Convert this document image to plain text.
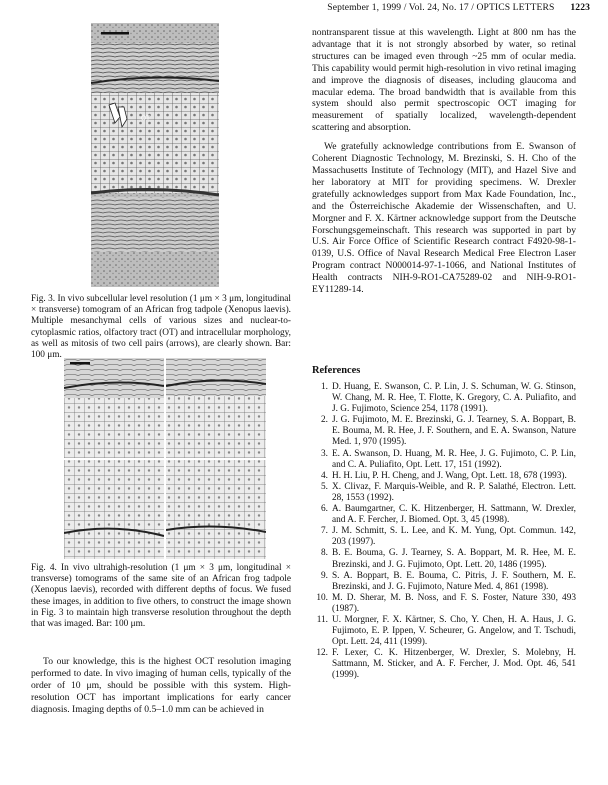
September 1, 1999 / Vol. 24, No. 17 / OPTICS LETTERS 1223
OT
Fig. 3. In vivo subcellular level resolution (1 μm × 3 μm, longitudinal × transverse) tomogram of an African frog tadpole (Xenopus laevis). Multiple mesanchymal cells of various sizes and nuclear-to-cytoplasmic ratios, olfactory tract (OT) and intracellular morphology, as well as mitosis of two cell pairs (arrows), are clearly shown. Bar: 100 μm.
Fig. 4. In vivo ultrahigh-resolution (1 μm × 3 μm, longitudinal × transverse) tomograms of the same site of an African frog tadpole (Xenopus laevis), recorded with different depths of focus. We fused these images, in addition to five others, to construct the image shown in Fig. 3 to maintain high transverse resolution throughout the depth that was imaged. Bar: 100 μm.

To our knowledge, this is the highest OCT resolution imaging performed to date. In vivo imaging of human cells, typically of the order of 10 μm, should be possible with this system. High-resolution OCT has important implications for early cancer diagnosis. Imaging depths of 0.5–1.0 mm can be achieved in

nontransparent tissue at this wavelength. Light at 800 nm has the advantage that it is not strongly absorbed by water, so retinal structures can be imaged even through ~25 mm of ocular media. This capability would permit high-resolution in vivo retinal imaging and improve the diagnosis of diseases, including glaucoma and macular edema. The broad bandwidth that is available from this system should also permit spectroscopic OCT imaging for measurement of spatially localized, wavelength-dependent scattering and absorption.

We gratefully acknowledge contributions from E. Swanson of Coherent Diagnostic Technology, M. Brezinski, S. H. Cho of the Massachusetts Institute of Technology (MIT), and Hazel Sive and her laboratory at MIT for providing specimens. W. Drexler gratefully acknowledges support from Max Kade Foundation, Inc., and the Österreichische Akademie der Wissenschaften, and U. Morgner and F. X. Kärtner acknowledge support from the Deutsche Forschungsgemeinschaft. This research was supported in part by U.S. Air Force Office of Scientific Research contract F4920-98-1-0139, U.S. Office of Naval Research Medical Free Electron Laser Program contract N000014-97-1-1066, and National Institutes of Health contracts NIH-9-RO1-CA75289-02 and NIH-9-RO1-EY11289-14.

References
1. D. Huang, E. Swanson, C. P. Lin, J. S. Schuman, W. G. Stinson, W. Chang, M. R. Hee, T. Flotte, K. Gregory, C. A. Puliafito, and J. G. Fujimoto, Science 254, 1178 (1991).
2. J. G. Fujimoto, M. E. Brezinski, G. J. Tearney, S. A. Boppart, B. E. Bouma, M. R. Hee, J. F. Southern, and E. A. Swanson, Nature Med. 1, 970 (1995).
3. E. A. Swanson, D. Huang, M. R. Hee, J. G. Fujimoto, C. P. Lin, and C. A. Puliafito, Opt. Lett. 17, 151 (1992).
4. H. H. Liu, P. H. Cheng, and J. Wang, Opt. Lett. 18, 678 (1993).
5. X. Clivaz, F. Marquis-Weible, and R. P. Salathé, Electron. Lett. 28, 1553 (1992).
6. A. Baumgartner, C. K. Hitzenberger, H. Sattmann, W. Drexler, and A. F. Fercher, J. Biomed. Opt. 3, 45 (1998).
7. J. M. Schmitt, S. L. Lee, and K. M. Yung, Opt. Commun. 142, 203 (1997).
8. B. E. Bouma, G. J. Tearney, S. A. Boppart, M. R. Hee, M. E. Brezinski, and J. G. Fujimoto, Opt. Lett. 20, 1486 (1995).
9. S. A. Boppart, B. E. Bouma, C. Pitris, J. F. Southern, M. E. Brezinski, and J. G. Fujimoto, Nature Med. 4, 861 (1998).
10. M. D. Sherar, M. B. Noss, and F. S. Foster, Nature 330, 493 (1987).
11. U. Morgner, F. X. Kärtner, S. Cho, Y. Chen, H. A. Haus, J. G. Fujimoto, E. P. Ippen, V. Scheurer, G. Angelow, and T. Tschudi, Opt. Lett. 24, 411 (1999).
12. F. Lexer, C. K. Hitzenberger, W. Drexler, S. Molebny, H. Sattmann, M. Sticker, and A. F. Fercher, J. Mod. Opt. 46, 541 (1999).
